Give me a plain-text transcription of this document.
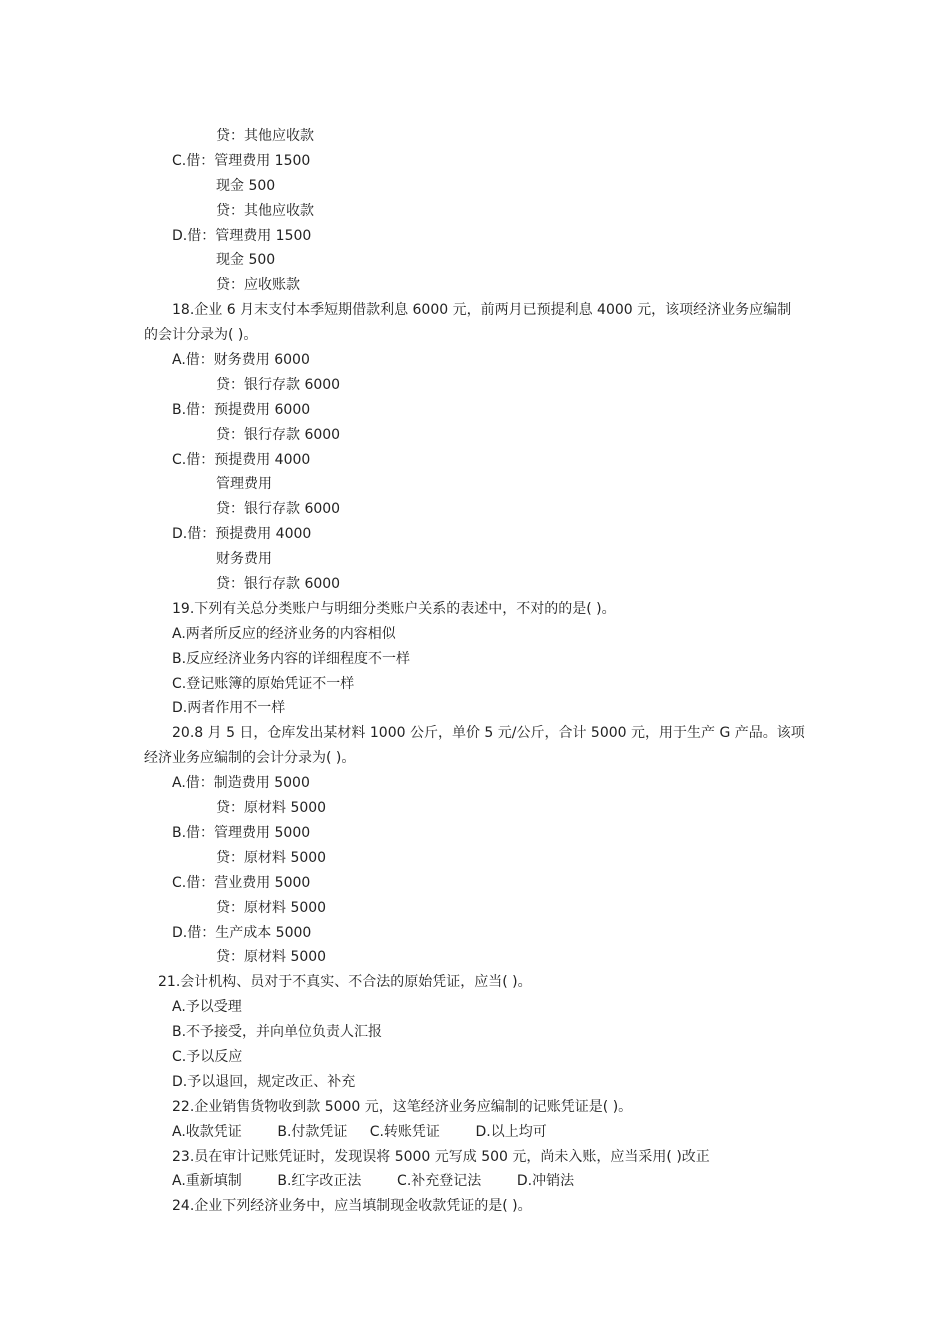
贷：其他应收款
C.借：管理费用 1500
现金 500
贷：其他应收款
D.借：管理费用 1500
现金 500
贷：应收账款
18.企业 6 月末支付本季短期借款利息 6000 元，前两月已预提利息 4000 元，该项经济业务应编制
的会计分录为( )。
A.借：财务费用 6000
贷：银行存款 6000
B.借：预提费用 6000
贷：银行存款 6000
C.借：预提费用 4000
管理费用
贷：银行存款 6000
D.借：预提费用 4000
财务费用
贷：银行存款 6000
19.下列有关总分类账户与明细分类账户关系的表述中，不对的的是( )。
A.两者所反应的经济业务的内容相似
B.反应经济业务内容的详细程度不一样
C.登记账簿的原始凭证不一样
D.两者作用不一样
20.8 月 5 日，仓库发出某材料 1000 公斤，单价 5 元/公斤，合计 5000 元，用于生产 G 产品。该项
经济业务应编制的会计分录为( )。
A.借：制造费用 5000
贷：原材料 5000
B.借：管理费用 5000
贷：原材料 5000
C.借：营业费用 5000
贷：原材料 5000
D.借：生产成本 5000
贷：原材料 5000
21.会计机构、员对于不真实、不合法的原始凭证，应当( )。
A.予以受理
B.不予接受，并向单位负责人汇报
C.予以反应
D.予以退回，规定改正、补充
22.企业销售货物收到款 5000 元，这笔经济业务应编制的记账凭证是( )。
A.收款凭证        B.付款凭证     C.转账凭证        D.以上均可
23.员在审计记账凭证时，发现误将 5000 元写成 500 元，尚未入账，应当采用( )改正
A.重新填制        B.红字改正法        C.补充登记法        D.冲销法
24.企业下列经济业务中，应当填制现金收款凭证的是( )。
